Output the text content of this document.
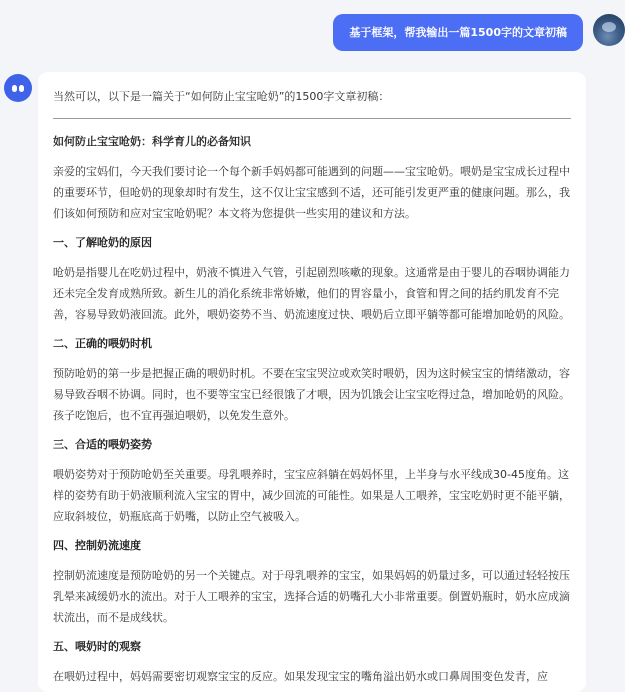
基于框架，帮我输出一篇1500字的文章初稿

当然可以，以下是一篇关于“如何防止宝宝呛奶”的1500字文章初稿：

如何防止宝宝呛奶：科学育儿的必备知识

亲爱的宝妈们，今天我们要讨论一个每个新手妈妈都可能遇到的问题——宝宝呛奶。喂奶是宝宝成长过程中的重要环节，但呛奶的现象却时有发生，这不仅让宝宝感到不适，还可能引发更严重的健康问题。那么，我们该如何预防和应对宝宝呛奶呢？本文将为您提供一些实用的建议和方法。

一、了解呛奶的原因

呛奶是指婴儿在吃奶过程中，奶液不慎进入气管，引起剧烈咳嗽的现象。这通常是由于婴儿的吞咽协调能力还未完全发育成熟所致。新生儿的消化系统非常娇嫩，他们的胃容量小，食管和胃之间的括约肌发育不完善，容易导致奶液回流。此外，喂奶姿势不当、奶流速度过快、喂奶后立即平躺等都可能增加呛奶的风险。

二、正确的喂奶时机

预防呛奶的第一步是把握正确的喂奶时机。不要在宝宝哭泣或欢笑时喂奶，因为这时候宝宝的情绪激动，容易导致吞咽不协调。同时，也不要等宝宝已经很饿了才喂，因为饥饿会让宝宝吃得过急，增加呛奶的风险。孩子吃饱后，也不宜再强迫喂奶，以免发生意外。

三、合适的喂奶姿势

喂奶姿势对于预防呛奶至关重要。母乳喂养时，宝宝应斜躺在妈妈怀里，上半身与水平线成30-45度角。这样的姿势有助于奶液顺利流入宝宝的胃中，减少回流的可能性。如果是人工喂养，宝宝吃奶时更不能平躺，应取斜坡位，奶瓶底高于奶嘴，以防止空气被吸入。

四、控制奶流速度

控制奶流速度是预防呛奶的另一个关键点。对于母乳喂养的宝宝，如果妈妈的奶量过多，可以通过轻轻按压乳晕来减缓奶水的流出。对于人工喂养的宝宝，选择合适的奶嘴孔大小非常重要。倒置奶瓶时，奶水应成滴状流出，而不是成线状。

五、喂奶时的观察

在喂奶过程中，妈妈需要密切观察宝宝的反应。如果发现宝宝的嘴角溢出奶水或口鼻周围变色发青，应
